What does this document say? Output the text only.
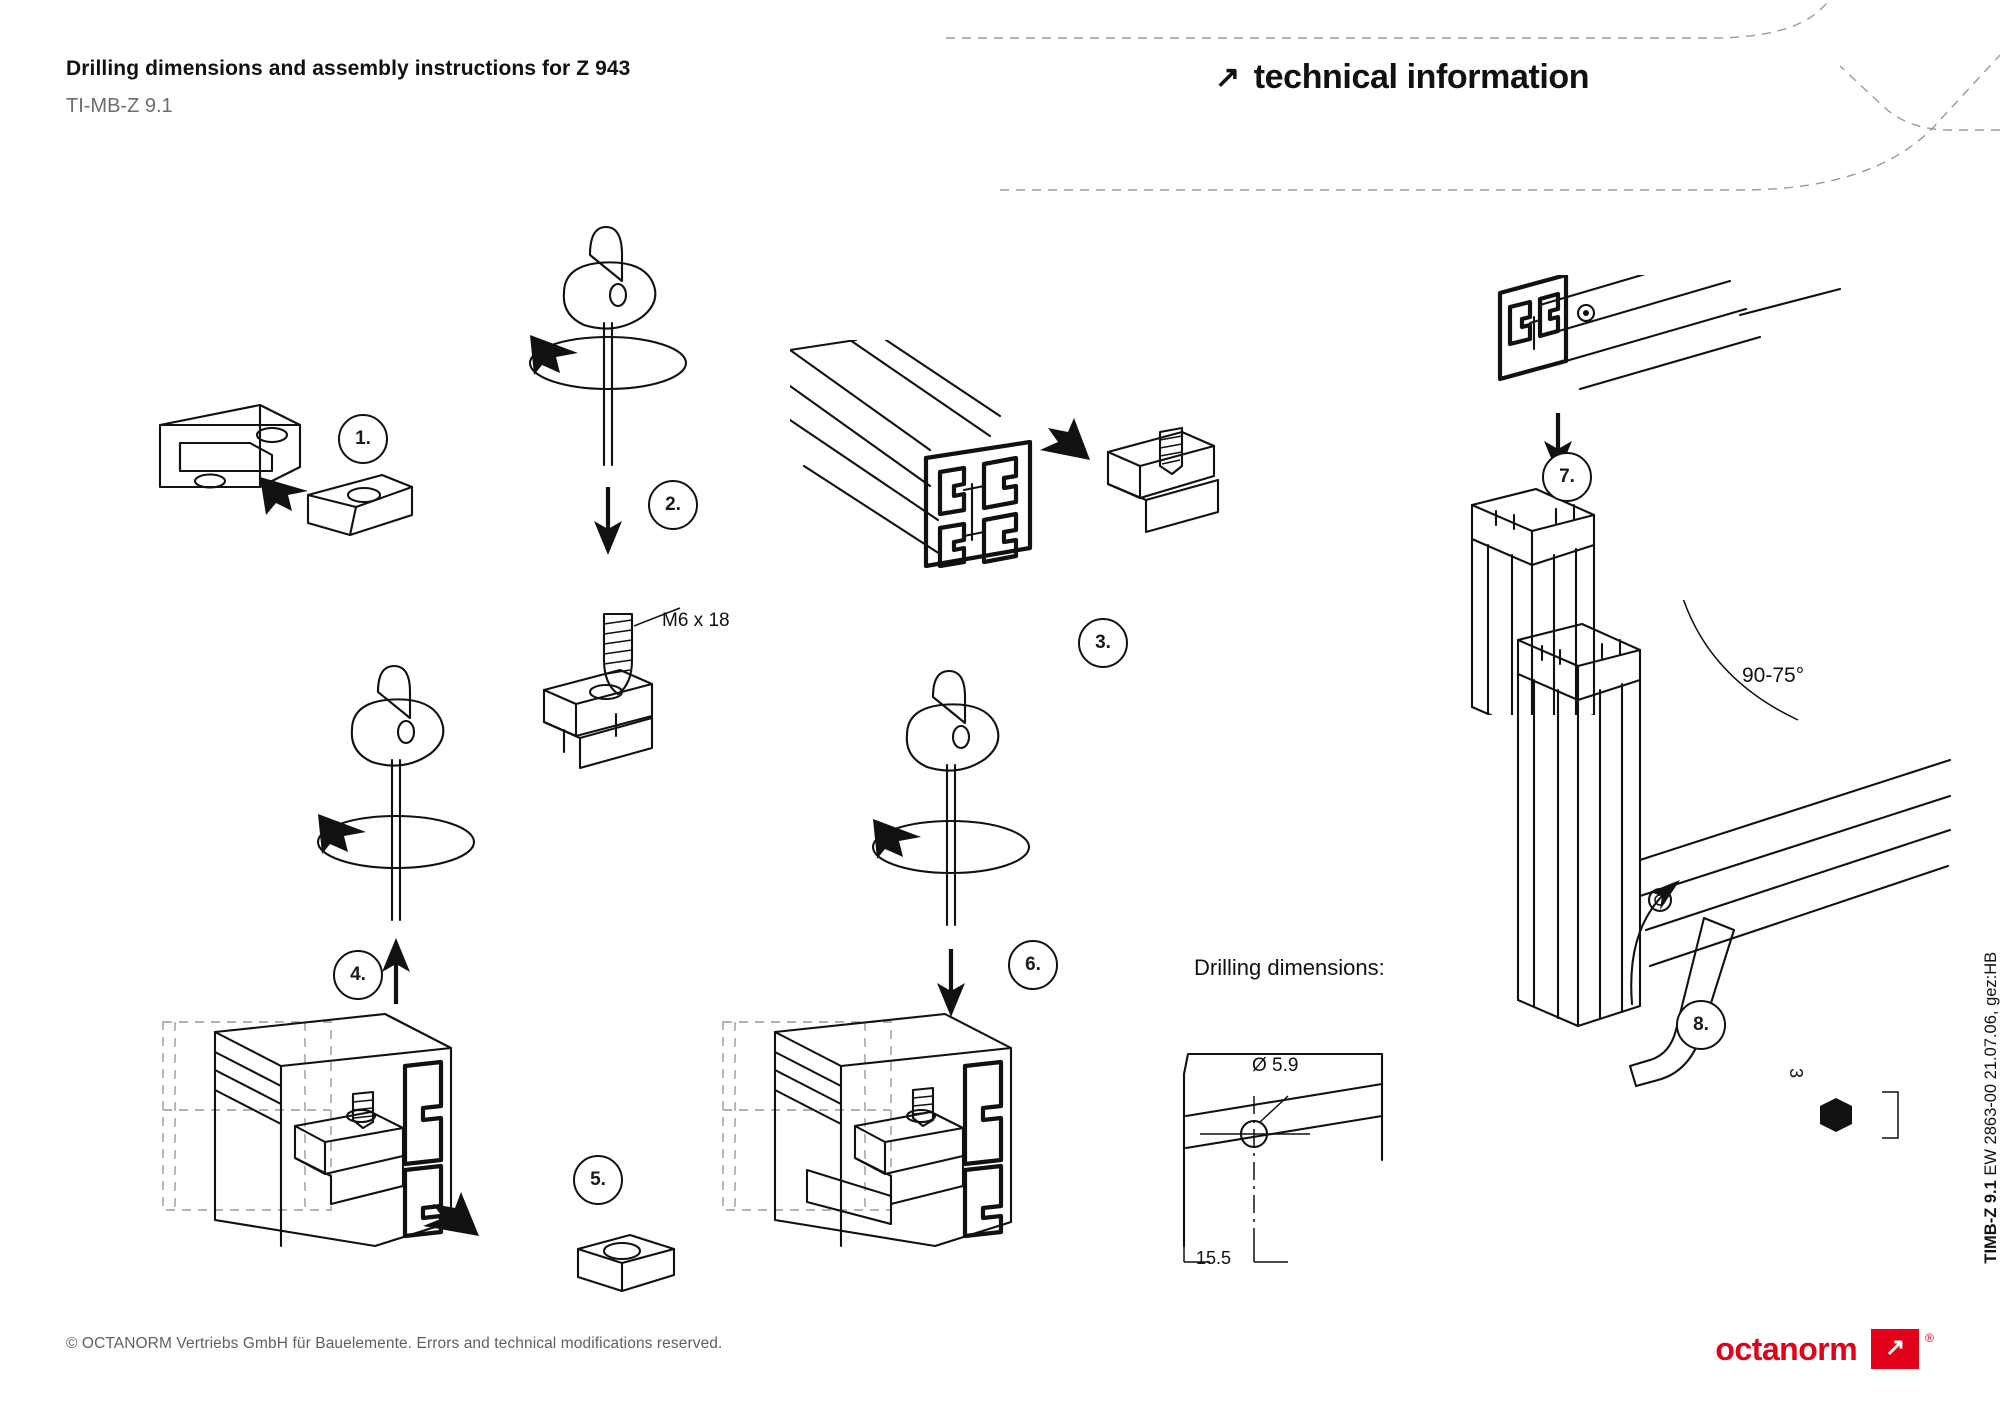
Drilling dimensions and assembly instructions for Z 943
TI-MB-Z 9.1
↗ technical information
1.
2.
M6 x 18
3.
4.
5.
6.
7.
90-75°
8.
3
Drilling dimensions:
Ø 5.9
15.5	TIMB-Z 9.1 EW 2863-00 21.07.06, gez:HB
© OCTANORM Vertriebs GmbH für Bauelemente. Errors and technical modifications reserved.	octanorm ↗ ®
